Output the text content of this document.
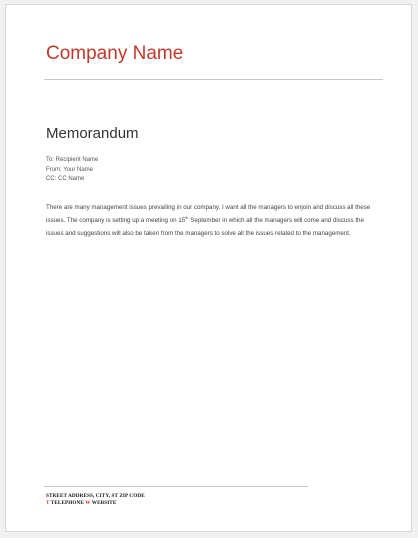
Company Name
Memorandum
To: Recipient Name
From: Your Name
CC: CC Name
There are many management issues prevailing in our company. I want all the managers to enjoin and discuss all these issues. The company is setting up a meeting on 15th September in which all the managers will come and discuss the issues and suggestions will also be taken from the managers to solve all the issues related to the management.
STREET ADDRESS, CITY, ST ZIP CODE
T TELEPHONE W WEBSITE
